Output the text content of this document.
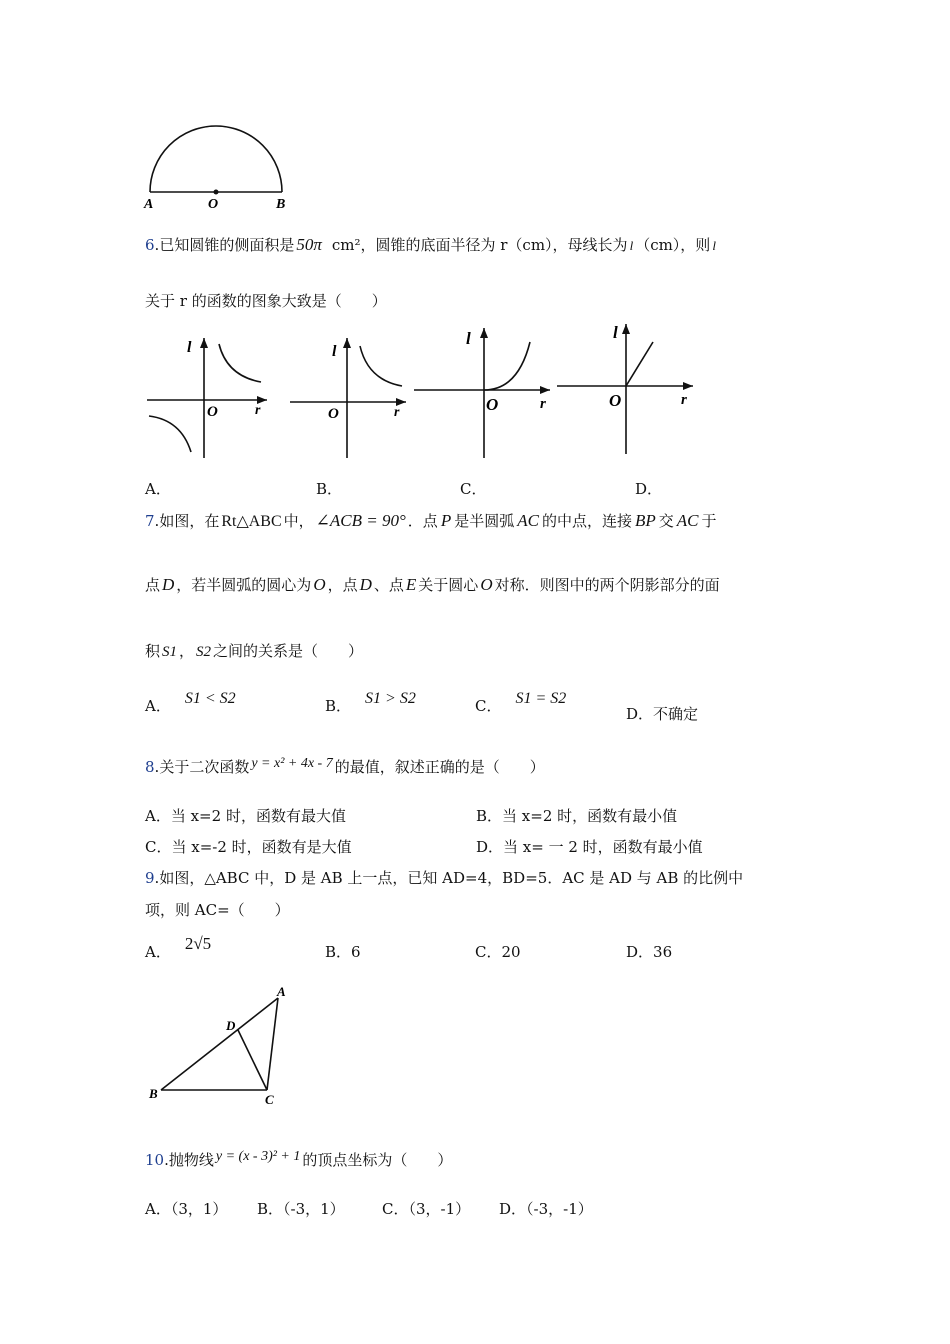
A	O	B
6.已知圆锥的侧面积是 50π cm²，圆锥的底面半径为 r（cm），母线长为 l （cm），则 l
关于 r 的函数的图象大致是（　　）
l
O	r
l
O	r
l
O	r
l
O	r
A．	B．	C．	D．
7.如图，在 Rt△ABC 中， ∠ACB = 90° ．点 P 是半圆弧 AC 的中点，连接 BP 交 AC 于
点 D ，若半圆弧的圆心为 O ，点 D 、点 E 关于圆心 O 对称．则图中的两个阴影部分的面
积 S1 ， S2 之间的关系是（　　）
A． S1 < S2	B． S1 > S2	C． S1 = S2
D．不确定
8.关于二次函数 y = x² + 4x - 7 的最值，叙述正确的是（　　）
A．当 x=2 时，函数有最大值	B．当 x=2 时，函数有最小值
C．当 x=-2 时，函数有是大值	D．当 x= 一 2 时，函数有最小值
9.如图，△ABC 中，D 是 AB 上一点，已知 AD=4，BD=5．AC 是 AD 与 AB 的比例中
项，则 AC=（　　）
A． 2√5	B．6	C．20	D．36
A
D
B	C
10.抛物线 y = (x - 3)² + 1 的顶点坐标为（　　）
A．（3，1） B．（-3，1） C．（3，-1） D．（-3，-1）
